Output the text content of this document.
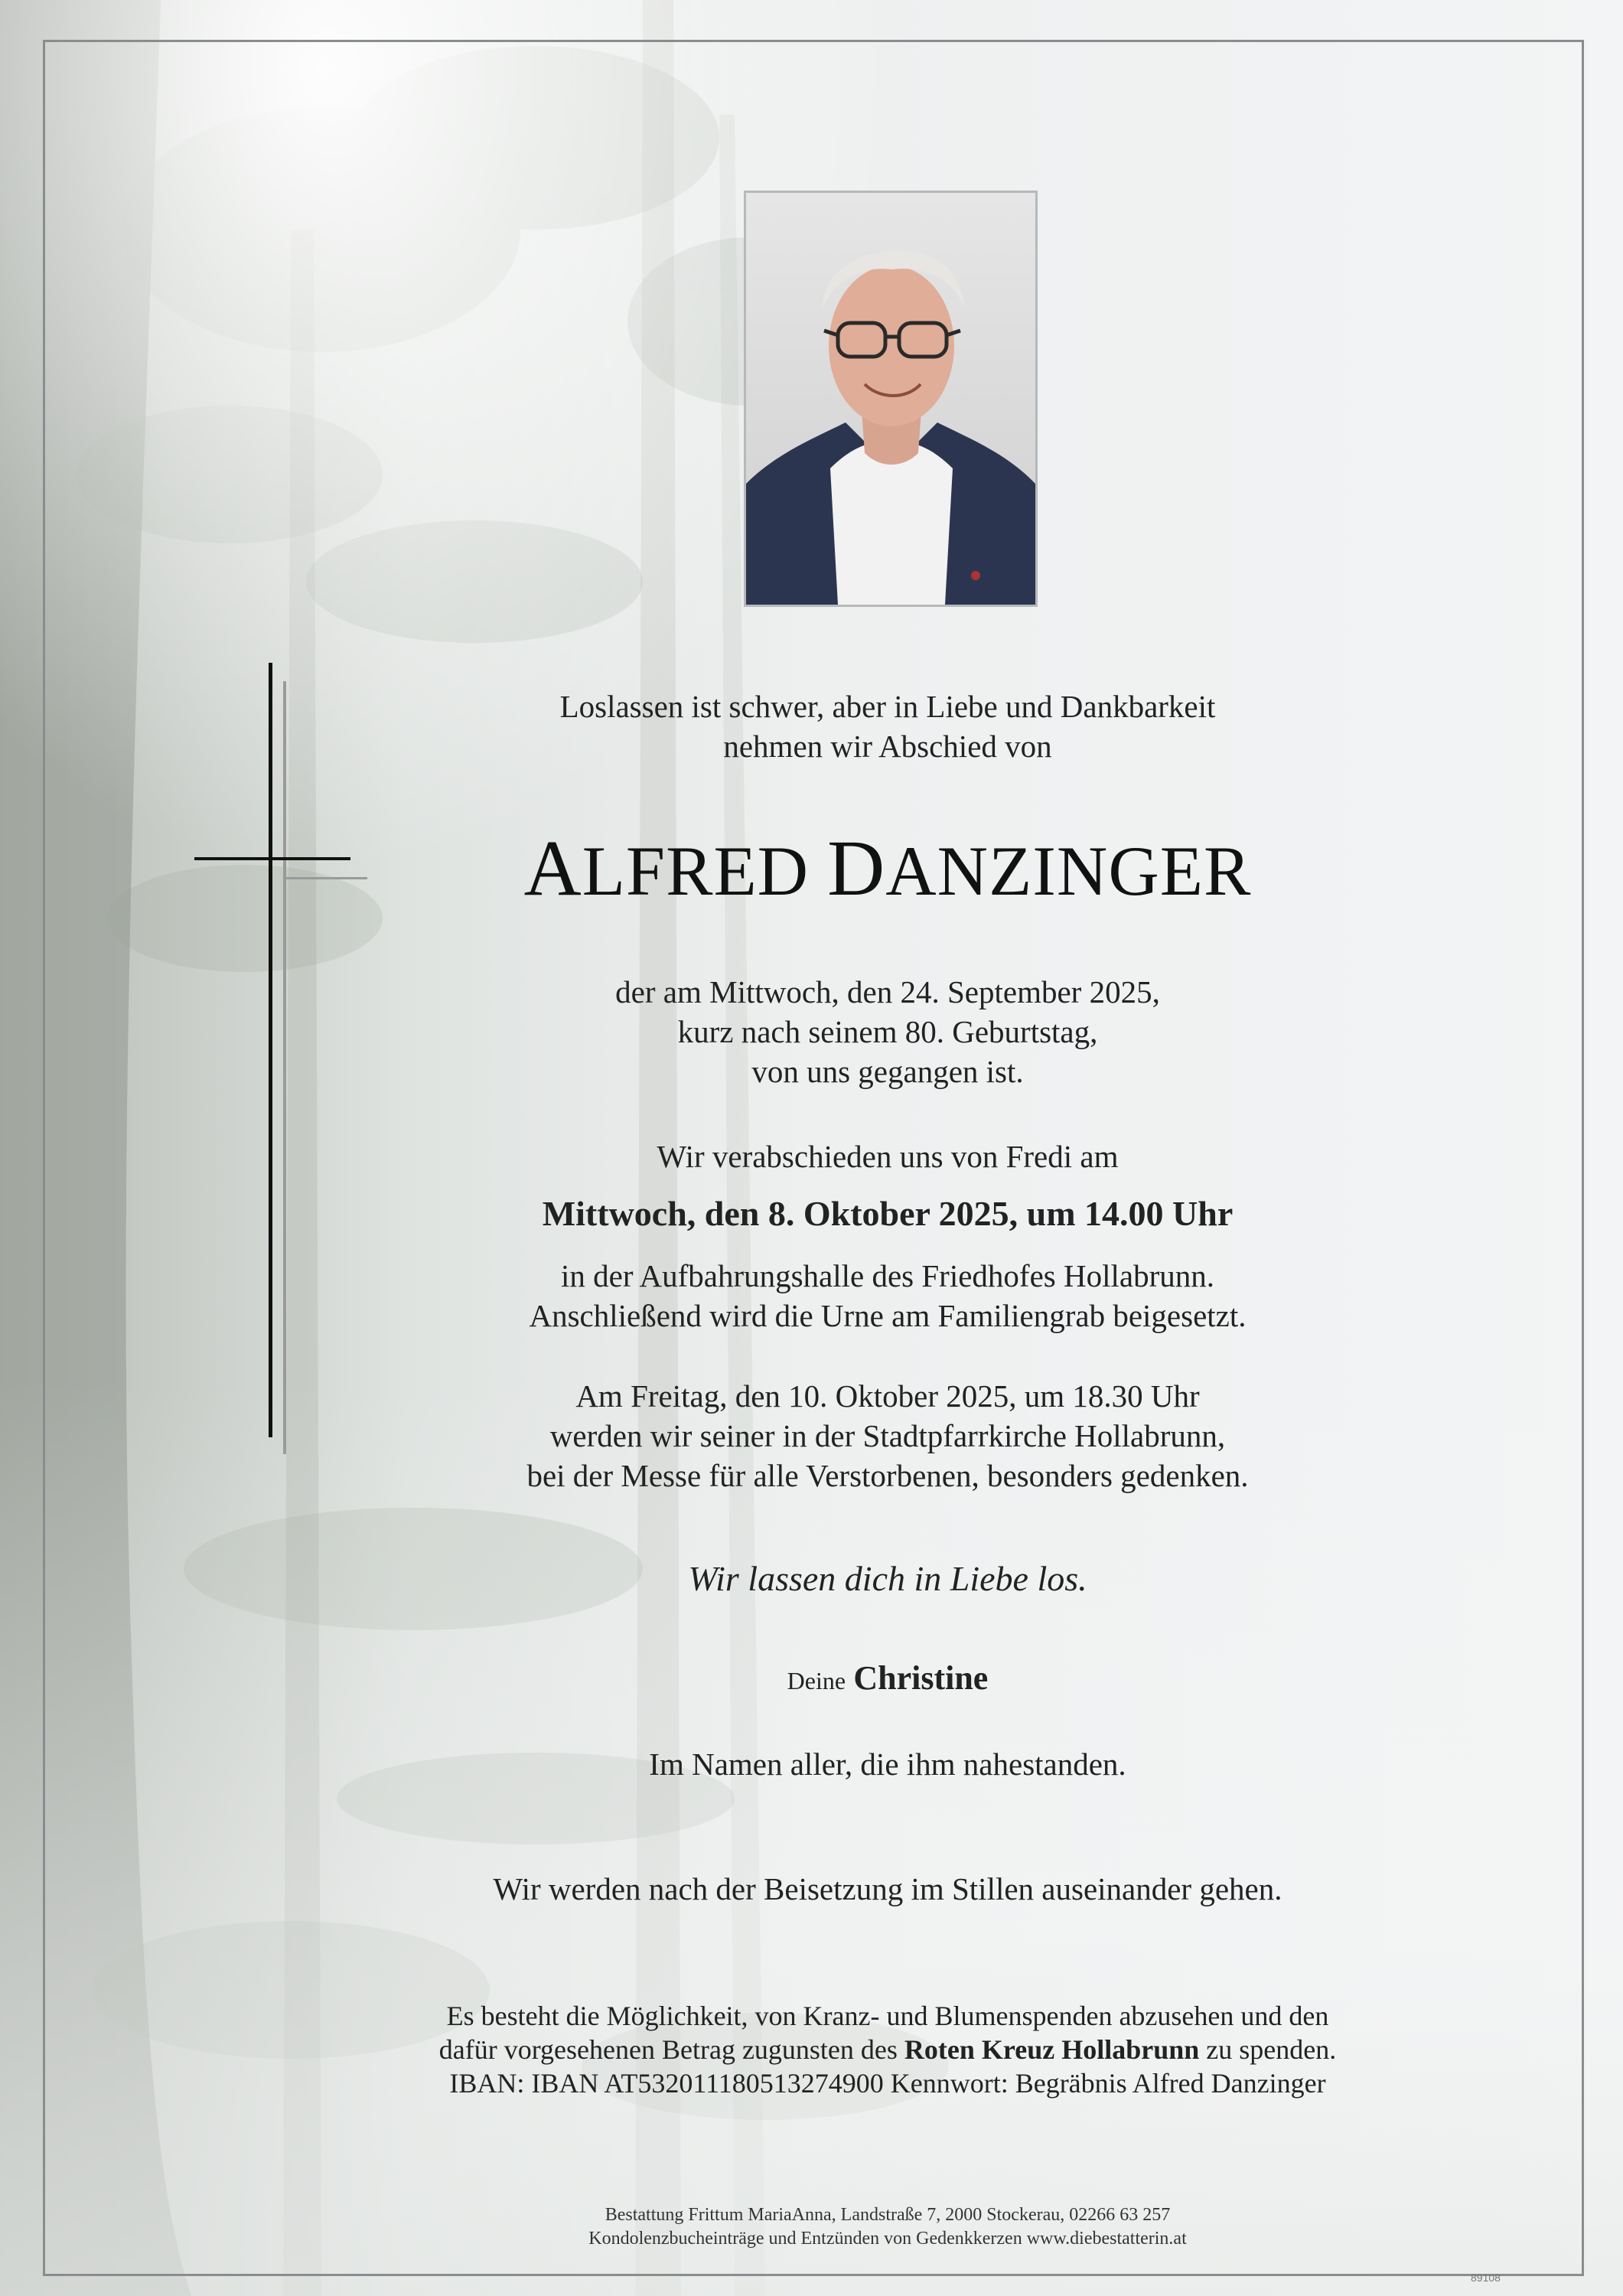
Loslassen ist schwer, aber in Liebe und Dankbarkeit
nehmen wir Abschied von
ALFRED DANZINGER
der am Mittwoch, den 24. September 2025,
kurz nach seinem 80. Geburtstag,
von uns gegangen ist.
Wir verabschieden uns von Fredi am
Mittwoch, den 8. Oktober 2025, um 14.00 Uhr
in der Aufbahrungshalle des Friedhofes Hollabrunn.
Anschließend wird die Urne am Familiengrab beigesetzt.
Am Freitag, den 10. Oktober 2025, um 18.30 Uhr
werden wir seiner in der Stadtpfarrkirche Hollabrunn,
bei der Messe für alle Verstorbenen, besonders gedenken.
Wir lassen dich in Liebe los.
Deine Christine
Im Namen aller, die ihm nahestanden.
Wir werden nach der Beisetzung im Stillen auseinander gehen.
Es besteht die Möglichkeit, von Kranz- und Blumenspenden abzusehen und den
dafür vorgesehenen Betrag zugunsten des Roten Kreuz Hollabrunn zu spenden.
IBAN: IBAN AT532011180513274900 Kennwort: Begräbnis Alfred Danzinger
Bestattung Frittum MariaAnna, Landstraße 7, 2000 Stockerau, 02266 63 257
Kondolenzbucheinträge und Entzünden von Gedenkkerzen www.diebestatterin.at
89108
